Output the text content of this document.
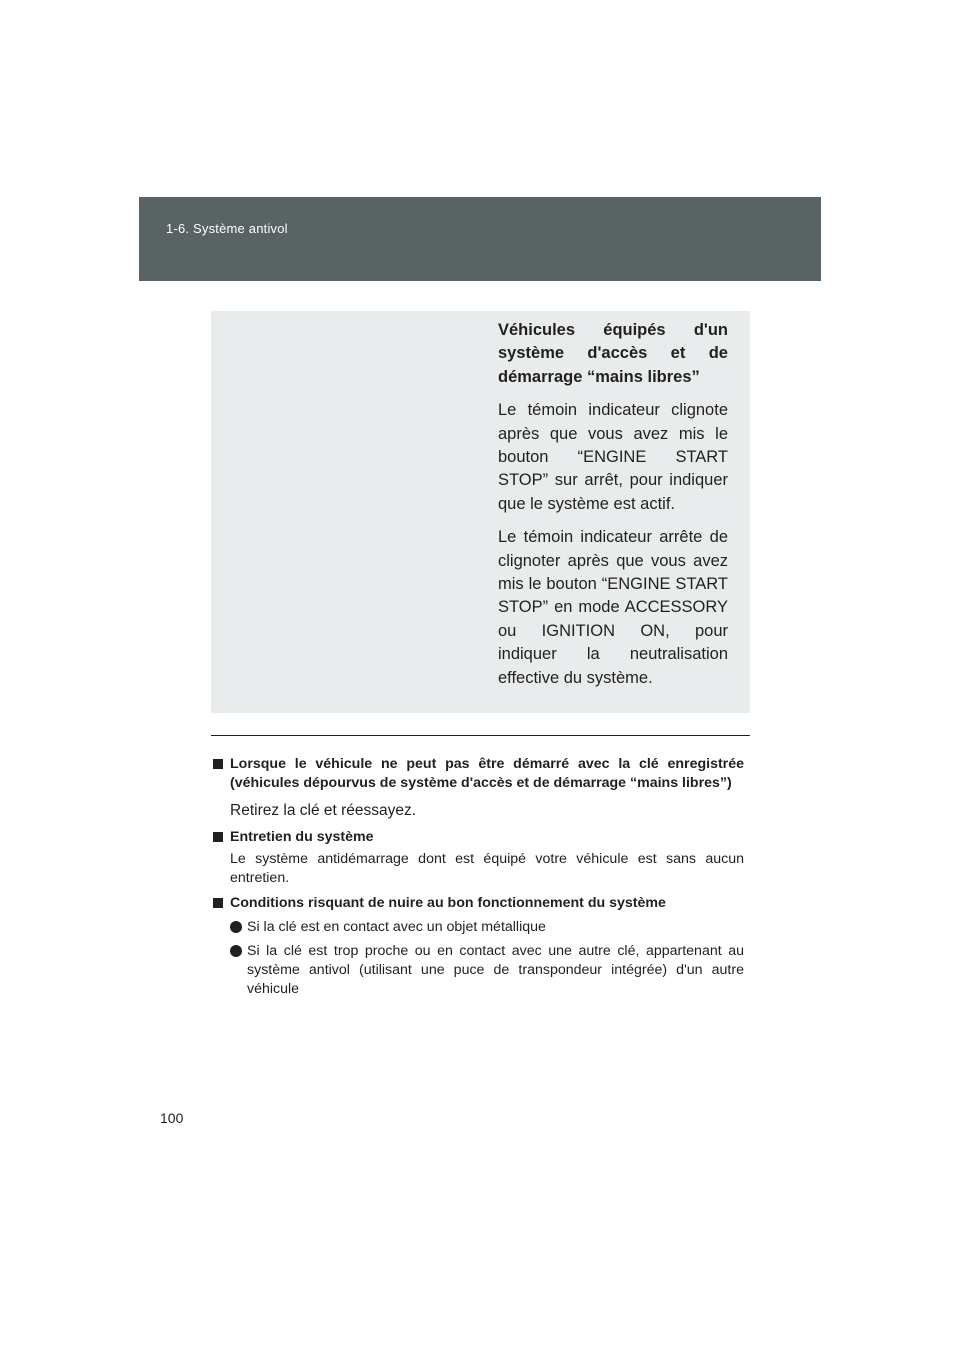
1-6. Système antivol

Véhicules équipés d'un système d'accès et de démarrage “mains libres”

Le témoin indicateur clignote après que vous avez mis le bouton “ENGINE START STOP” sur arrêt, pour indiquer que le système est actif.

Le témoin indicateur arrête de clignoter après que vous avez mis le bouton “ENGINE START STOP” en mode ACCESSORY ou IGNITION ON, pour indiquer la neutralisation effective du système.

Lorsque le véhicule ne peut pas être démarré avec la clé enregistrée (véhicules dépourvus de système d'accès et de démarrage “mains libres”)
Retirez la clé et réessayez.
Entretien du système
Le système antidémarrage dont est équipé votre véhicule est sans aucun entretien.
Conditions risquant de nuire au bon fonctionnement du système
Si la clé est en contact avec un objet métallique
Si la clé est trop proche ou en contact avec une autre clé, appartenant au système antivol (utilisant une puce de transpondeur intégrée) d'un autre véhicule
100
